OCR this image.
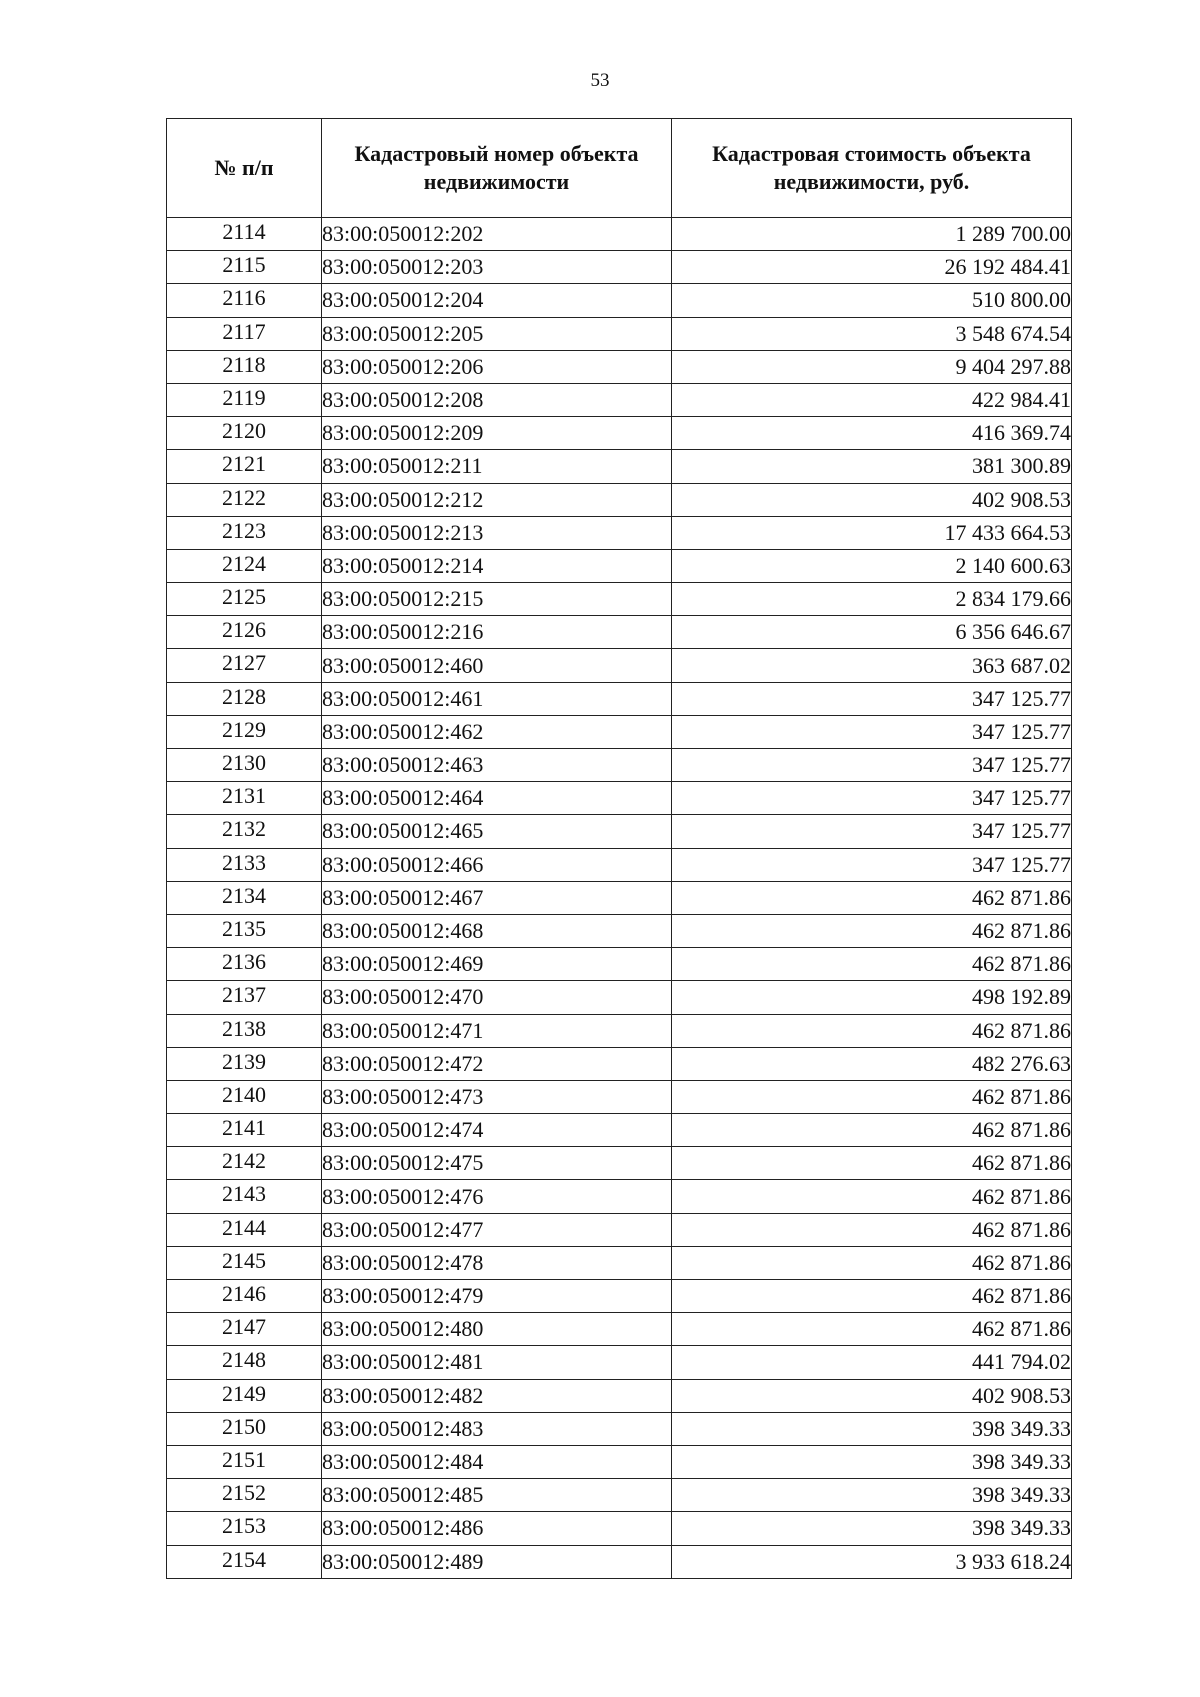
53
№ п/п	Кадастровый номер объекта недвижимости	Кадастровая стоимость объекта недвижимости, руб.
2114	83:00:050012:202	1 289 700.00
2115	83:00:050012:203	26 192 484.41
2116	83:00:050012:204	510 800.00
2117	83:00:050012:205	3 548 674.54
2118	83:00:050012:206	9 404 297.88
2119	83:00:050012:208	422 984.41
2120	83:00:050012:209	416 369.74
2121	83:00:050012:211	381 300.89
2122	83:00:050012:212	402 908.53
2123	83:00:050012:213	17 433 664.53
2124	83:00:050012:214	2 140 600.63
2125	83:00:050012:215	2 834 179.66
2126	83:00:050012:216	6 356 646.67
2127	83:00:050012:460	363 687.02
2128	83:00:050012:461	347 125.77
2129	83:00:050012:462	347 125.77
2130	83:00:050012:463	347 125.77
2131	83:00:050012:464	347 125.77
2132	83:00:050012:465	347 125.77
2133	83:00:050012:466	347 125.77
2134	83:00:050012:467	462 871.86
2135	83:00:050012:468	462 871.86
2136	83:00:050012:469	462 871.86
2137	83:00:050012:470	498 192.89
2138	83:00:050012:471	462 871.86
2139	83:00:050012:472	482 276.63
2140	83:00:050012:473	462 871.86
2141	83:00:050012:474	462 871.86
2142	83:00:050012:475	462 871.86
2143	83:00:050012:476	462 871.86
2144	83:00:050012:477	462 871.86
2145	83:00:050012:478	462 871.86
2146	83:00:050012:479	462 871.86
2147	83:00:050012:480	462 871.86
2148	83:00:050012:481	441 794.02
2149	83:00:050012:482	402 908.53
2150	83:00:050012:483	398 349.33
2151	83:00:050012:484	398 349.33
2152	83:00:050012:485	398 349.33
2153	83:00:050012:486	398 349.33
2154	83:00:050012:489	3 933 618.24
